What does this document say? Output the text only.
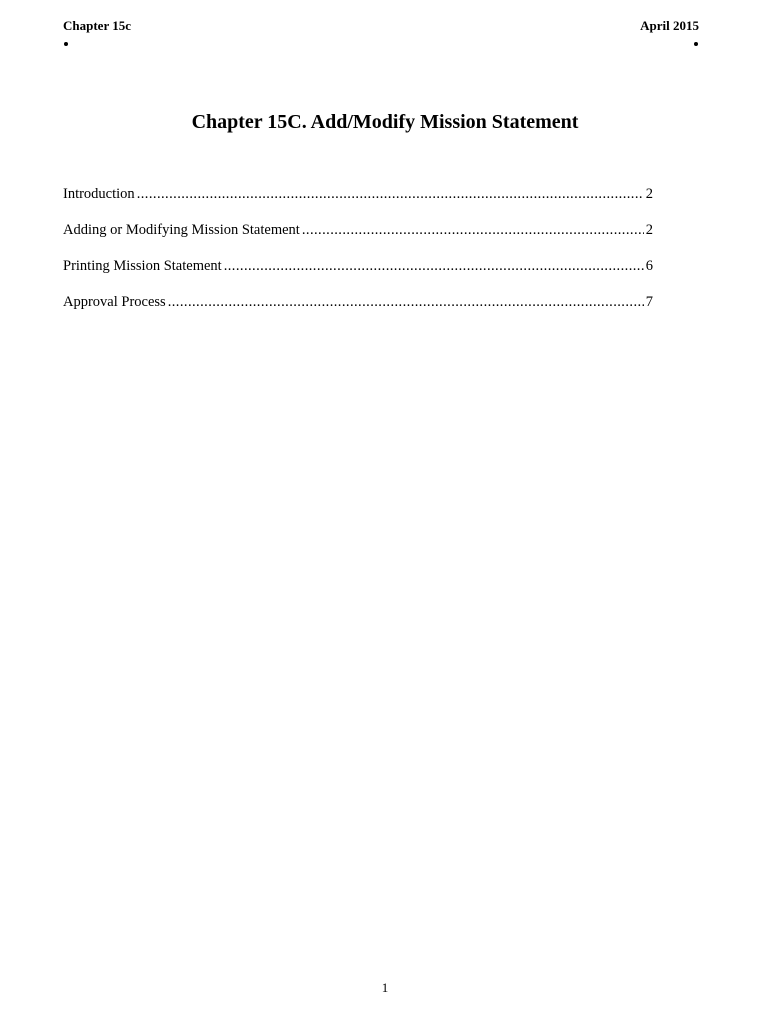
Chapter 15c	April 2015
Chapter 15C. Add/Modify Mission Statement
Introduction . . .	2
Adding or Modifying Mission Statement . . .	2
Printing Mission Statement . . .	6
Approval Process . . .	7
1
